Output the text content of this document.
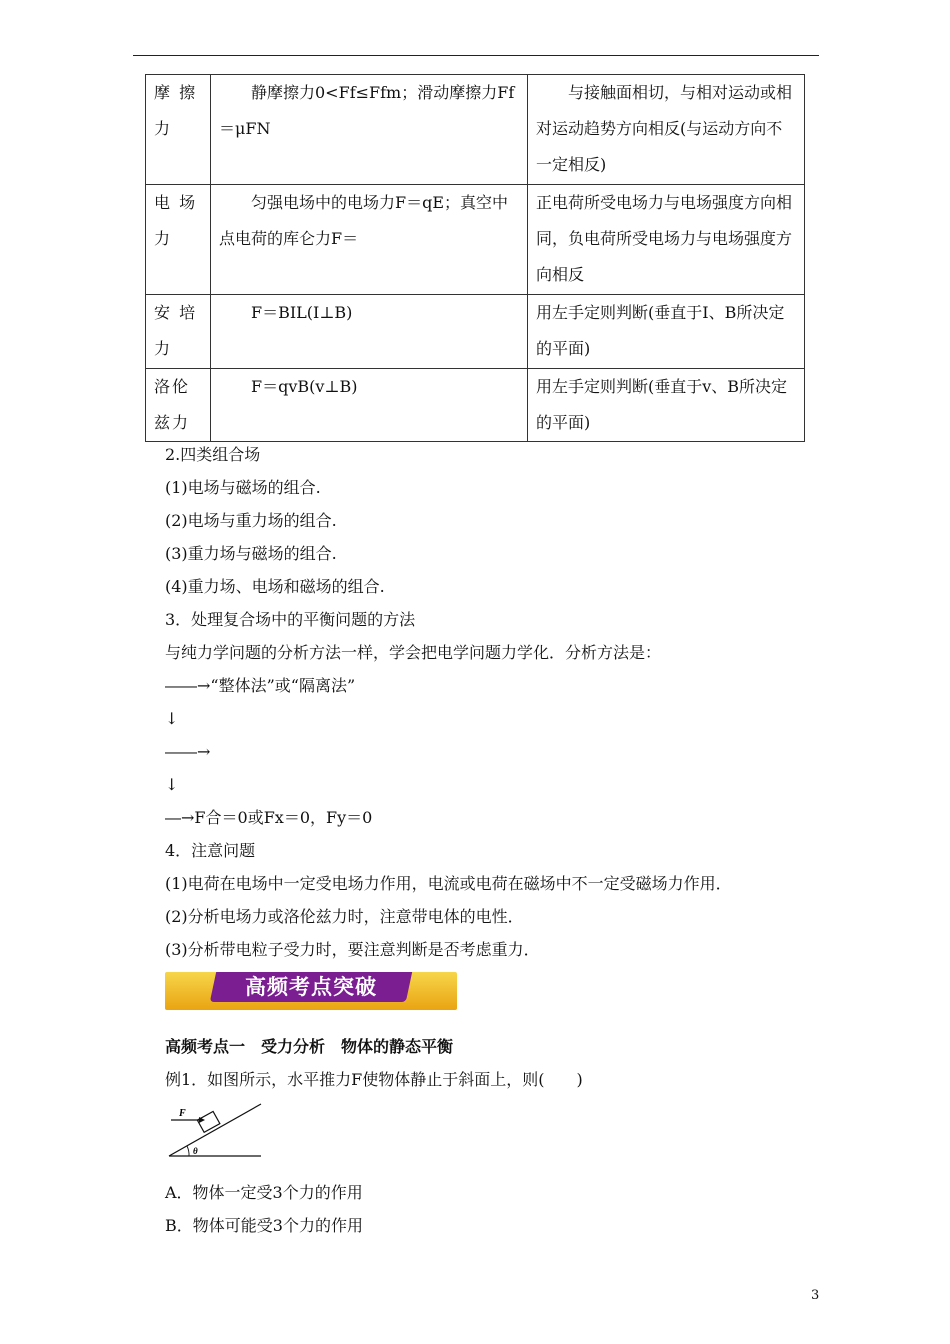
摩 擦力	静摩擦力0<Ff≤Ffm；滑动摩擦力Ff＝μFN	与接触面相切，与相对运动或相对运动趋势方向相反(与运动方向不一定相反)

电 场力	匀强电场中的电场力F＝qE；真空中点电荷的库仑力F＝	正电荷所受电场力与电场强度方向相同，负电荷所受电场力与电场强度方向相反
安 培力	F＝BIL(I⊥B)	用左手定则判断(垂直于I、B所决定的平面)
洛伦兹力	F＝qvB(v⊥B)	用左手定则判断(垂直于v、B所决定的平面)

2.四类组合场

(1)电场与磁场的组合.

(2)电场与重力场的组合.

(3)重力场与磁场的组合.

(4)重力场、电场和磁场的组合.

3．处理复合场中的平衡问题的方法

与纯力学问题的分析方法一样，学会把电学问题力学化．分析方法是：

――→“整体法”或“隔离法”

↓

――→

↓

―→F合＝0或Fx＝0，Fy＝0

4．注意问题

(1)电荷在电场中一定受电场力作用，电流或电荷在磁场中不一定受磁场力作用．

(2)分析电场力或洛伦兹力时，注意带电体的电性．

(3)分析带电粒子受力时，要注意判断是否考虑重力．

高频考点突破

高频考点一　受力分析　物体的静态平衡

例1．如图所示，水平推力F使物体静止于斜面上，则(　　)

F
θ

A．物体一定受3个力的作用

B．物体可能受3个力的作用

3
